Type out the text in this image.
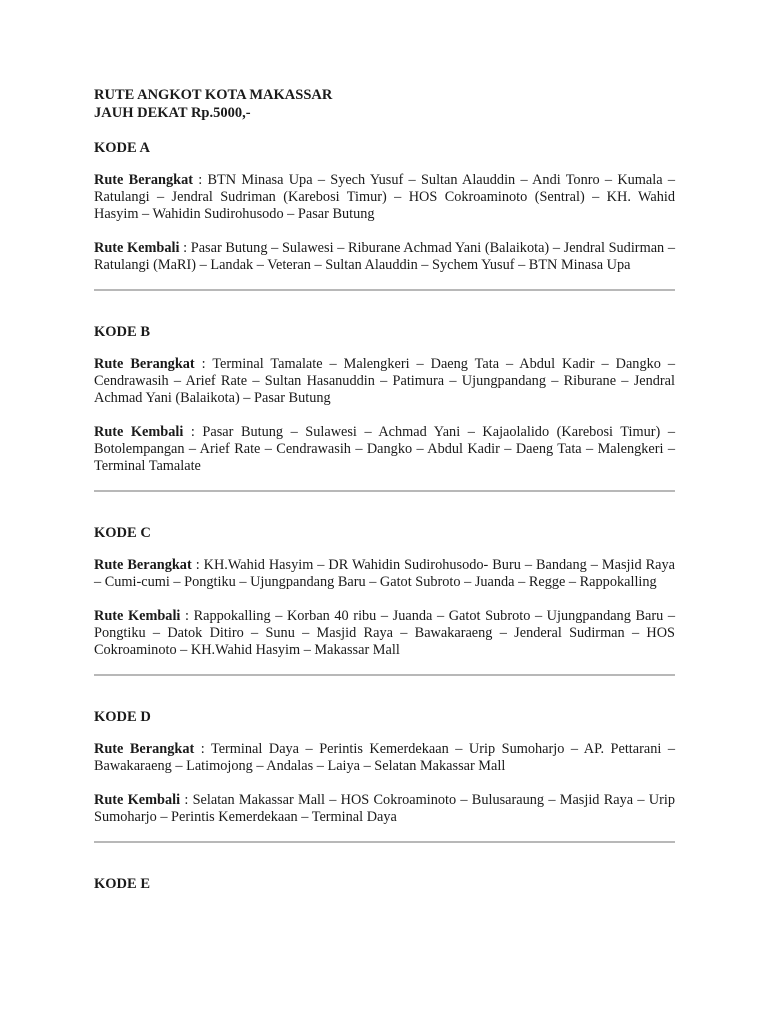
RUTE ANGKOT KOTA MAKASSAR

JAUH DEKAT Rp.5000,-

KODE A

Rute Berangkat : BTN Minasa Upa – Syech Yusuf – Sultan Alauddin – Andi Tonro – Kumala – Ratulangi – Jendral Sudriman (Karebosi Timur) – HOS Cokroaminoto (Sentral) – KH. Wahid Hasyim – Wahidin Sudirohusodo – Pasar Butung

Rute Kembali : Pasar Butung – Sulawesi – Riburane Achmad Yani (Balaikota) – Jendral Sudirman – Ratulangi (MaRI) – Landak – Veteran – Sultan Alauddin – Sychem Yusuf – BTN Minasa Upa

KODE B

Rute Berangkat : Terminal Tamalate – Malengkeri – Daeng Tata – Abdul Kadir – Dangko – Cendrawasih – Arief Rate – Sultan Hasanuddin – Patimura – Ujungpandang – Riburane – Jendral Achmad Yani (Balaikota) – Pasar Butung

Rute Kembali : Pasar Butung – Sulawesi – Achmad Yani – Kajaolalido (Karebosi Timur) – Botolempangan – Arief Rate – Cendrawasih – Dangko – Abdul Kadir – Daeng Tata – Malengkeri – Terminal Tamalate

KODE C

Rute Berangkat : KH.Wahid Hasyim – DR Wahidin Sudirohusodo- Buru – Bandang – Masjid Raya – Cumi-cumi – Pongtiku – Ujungpandang Baru – Gatot Subroto – Juanda – Regge – Rappokalling

Rute Kembali : Rappokalling – Korban 40 ribu – Juanda – Gatot Subroto – Ujungpandang Baru – Pongtiku – Datok Ditiro – Sunu – Masjid Raya – Bawakaraeng – Jenderal Sudirman – HOS Cokroaminoto – KH.Wahid Hasyim – Makassar Mall

KODE D

Rute Berangkat : Terminal Daya – Perintis Kemerdekaan – Urip Sumoharjo – AP. Pettarani – Bawakaraeng – Latimojong – Andalas – Laiya – Selatan Makassar Mall

Rute Kembali : Selatan Makassar Mall – HOS Cokroaminoto – Bulusaraung – Masjid Raya – Urip Sumoharjo – Perintis Kemerdekaan – Terminal Daya

KODE E
